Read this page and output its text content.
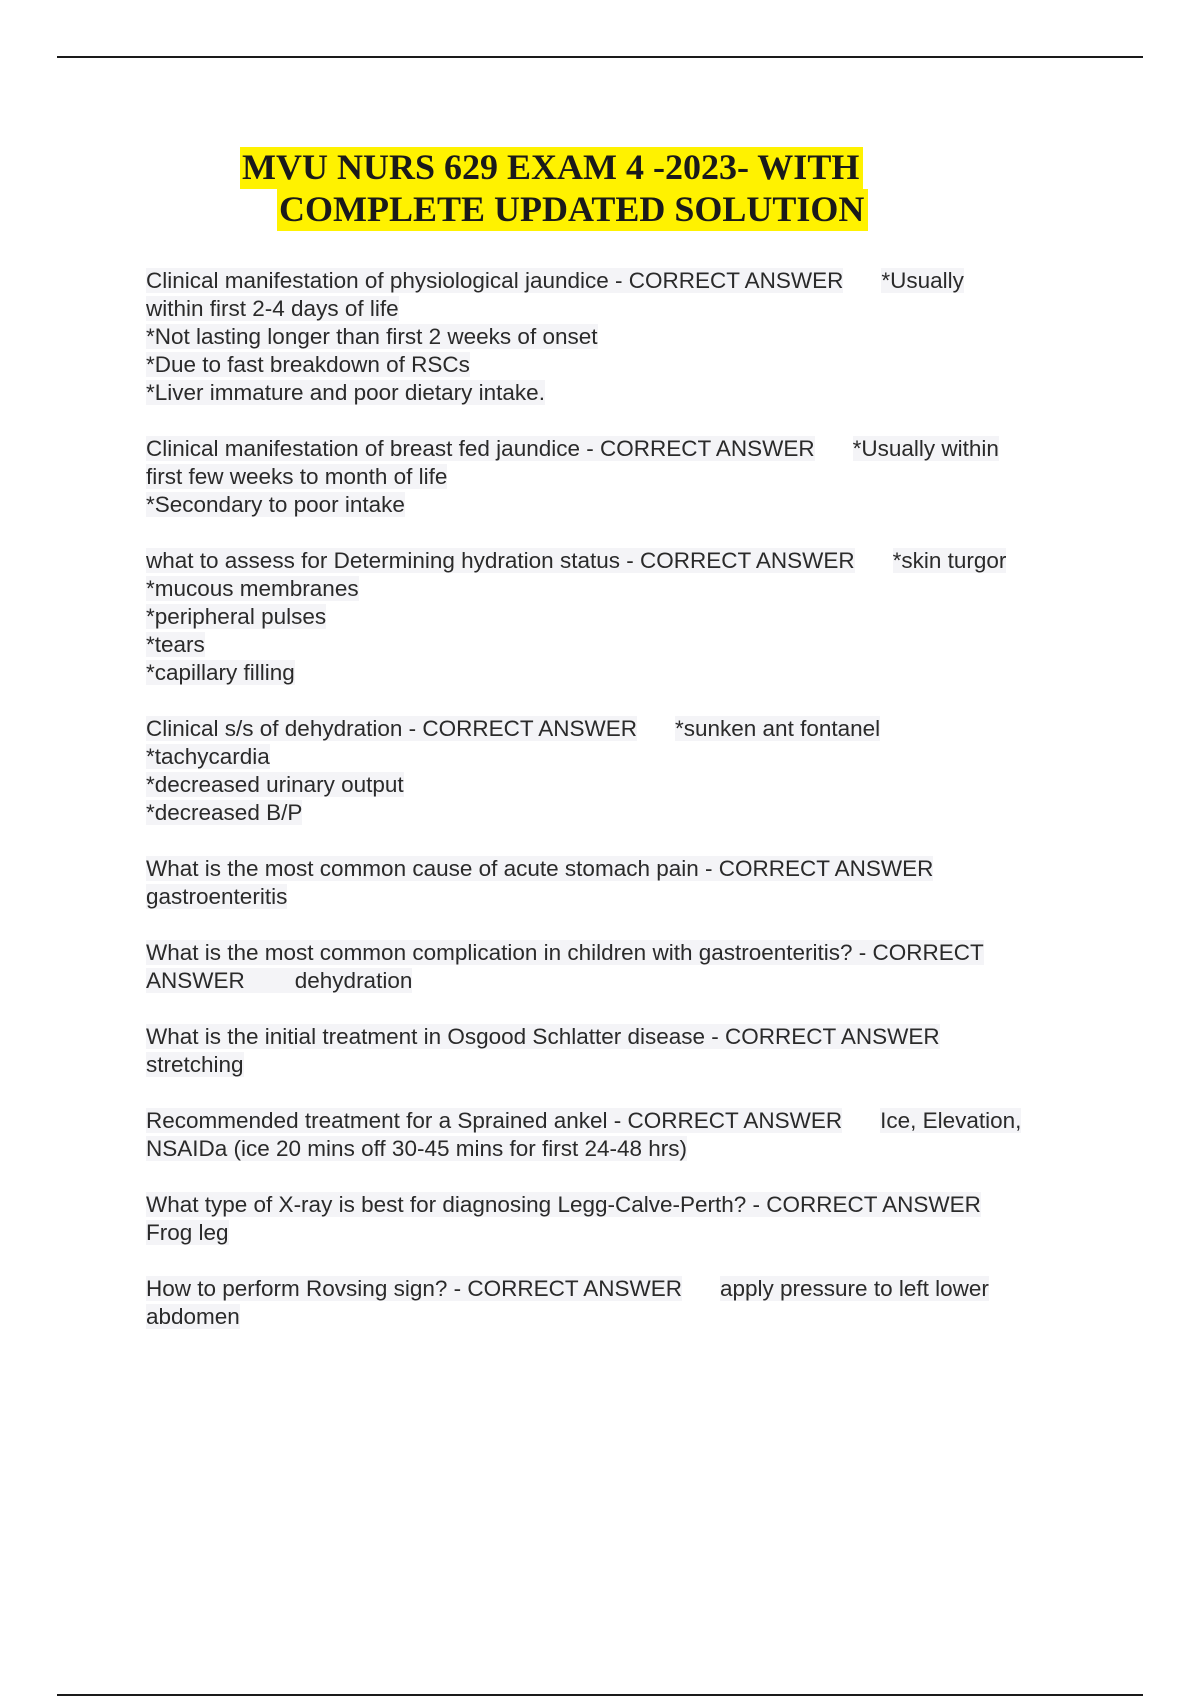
MVU NURS 629 EXAM 4 -2023- WITH
COMPLETE UPDATED SOLUTION
Clinical manifestation of physiological jaundice - CORRECT ANSWER *Usually
within first 2-4 days of life
*Not lasting longer than first 2 weeks of onset
*Due to fast breakdown of RSCs
*Liver immature and poor dietary intake.
Clinical manifestation of breast fed jaundice - CORRECT ANSWER *Usually within
first few weeks to month of life
*Secondary to poor intake
what to assess for Determining hydration status - CORRECT ANSWER *skin turgor
*mucous membranes
*peripheral pulses
*tears
*capillary filling
Clinical s/s of dehydration - CORRECT ANSWER *sunken ant fontanel
*tachycardia
*decreased urinary output
*decreased B/P
What is the most common cause of acute stomach pain - CORRECT ANSWER
gastroenteritis
What is the most common complication in children with gastroenteritis? - CORRECT
ANSWER        dehydration
What is the initial treatment in Osgood Schlatter disease - CORRECT ANSWER
stretching
Recommended treatment for a Sprained ankel - CORRECT ANSWER Ice, Elevation,
NSAIDa (ice 20 mins off 30-45 mins for first 24-48 hrs)
What type of X-ray is best for diagnosing Legg-Calve-Perth? - CORRECT ANSWER
Frog leg
How to perform Rovsing sign? - CORRECT ANSWER apply pressure to left lower
abdomen
